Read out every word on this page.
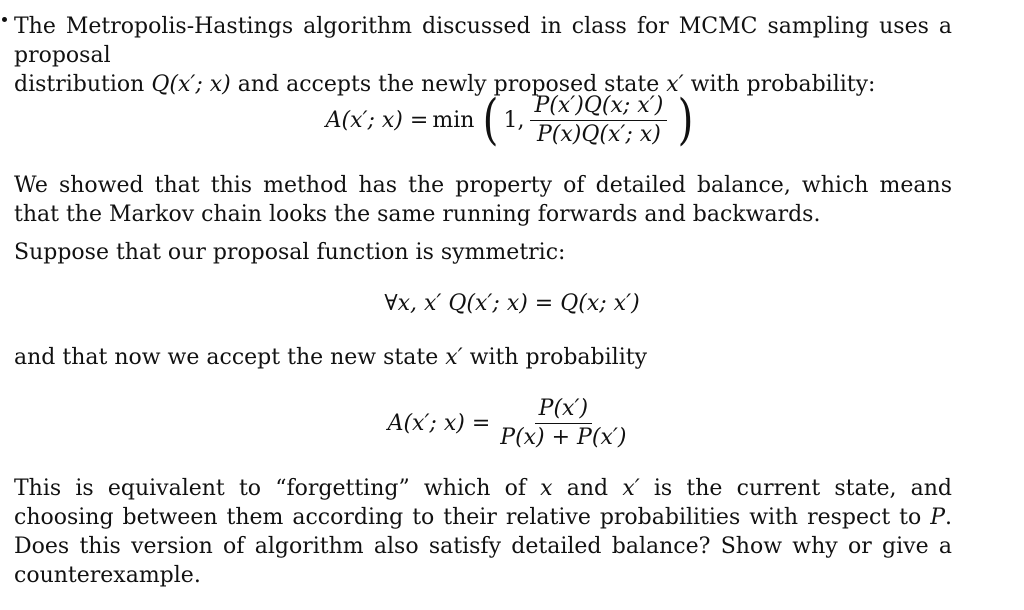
The Metropolis-Hastings algorithm discussed in class for MCMC sampling uses a proposal
distribution Q(x′; x) and accepts the newly proposed state x′ with probability:
A(x′; x) = min ( 1, $\frac{P(x')Q(x; x')}{P(x)Q(x'; x)}$ )
We showed that this method has the property of detailed balance, which means that the Markov chain looks the same running forwards and backwards.
Suppose that our proposal function is symmetric:
∀x, x′ Q(x′; x) = Q(x; x′)
and that now we accept the new state x′ with probability
A(x′; $x) = \frac{P(x')}{P(x) + P(x')}$
This is equivalent to “forgetting” which of x and x′ is the current state, and choosing between them according to their relative probabilities with respect to P. Does this version of algorithm also satisfy detailed balance? Show why or give a counterexample.
